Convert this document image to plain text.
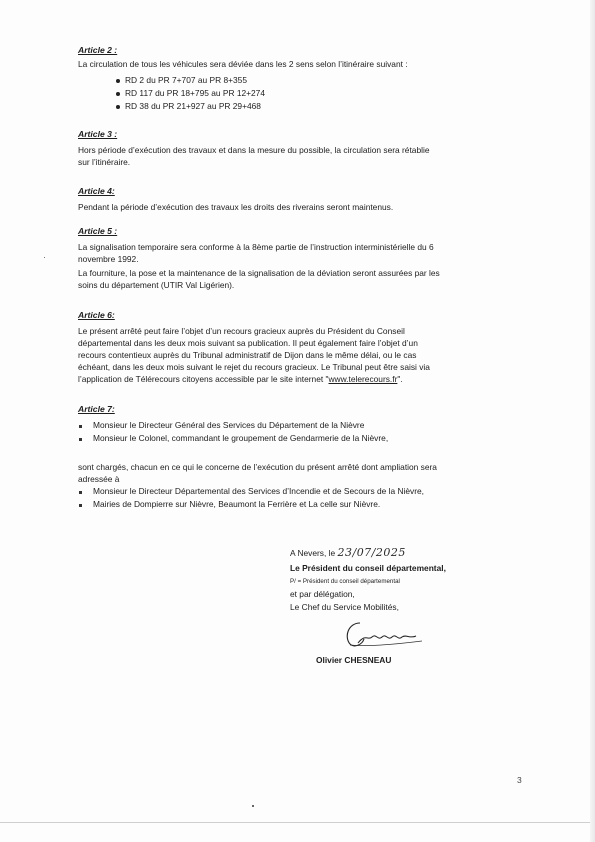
Article 2 :
La circulation de tous les véhicules sera déviée dans les 2 sens selon l’itinéraire suivant :
RD 2 du PR 7+707 au PR 8+355
RD 117 du PR 18+795 au PR 12+274
RD 38 du PR 21+927 au PR 29+468
Article 3 :
Hors période d’exécution des travaux et dans la mesure du possible, la circulation sera rétablie
sur l’itinéraire.
Article 4:
Pendant la période d’exécution des travaux les droits des riverains seront maintenus.
Article 5 :
La signalisation temporaire sera conforme à la 8ème partie de l’instruction interministérielle du 6
novembre 1992.
La fourniture, la pose et la maintenance de la signalisation de la déviation seront assurées par les
soins du département (UTIR Val Ligérien).
Article 6:
Le présent arrêté peut faire l’objet d’un recours gracieux auprès du Président du Conseil
départemental dans les deux mois suivant sa publication. Il peut également faire l’objet d’un
recours contentieux auprès du Tribunal administratif de Dijon dans le même délai, ou le cas
échéant, dans les deux mois suivant le rejet du recours gracieux. Le Tribunal peut être saisi via
l’application de Télérecours citoyens accessible par le site internet "www.telerecours.fr".
Article 7:
Monsieur le Directeur Général des Services du Département de la Nièvre
Monsieur le Colonel, commandant le groupement de Gendarmerie de la Nièvre,
sont chargés, chacun en ce qui le concerne de l’exécution du présent arrêté dont ampliation sera
adressée à
Monsieur le Directeur Départemental des Services d’Incendie et de Secours de la Nièvre,
Mairies de Dompierre sur Nièvre, Beaumont la Ferrière et La celle sur Nièvre.
A Nevers, le 23/07/2025
Le Président du conseil départemental,
P/ = Président du conseil départemental
et par délégation,
Le Chef du Service Mobilités,
Olivier CHESNEAU
3
